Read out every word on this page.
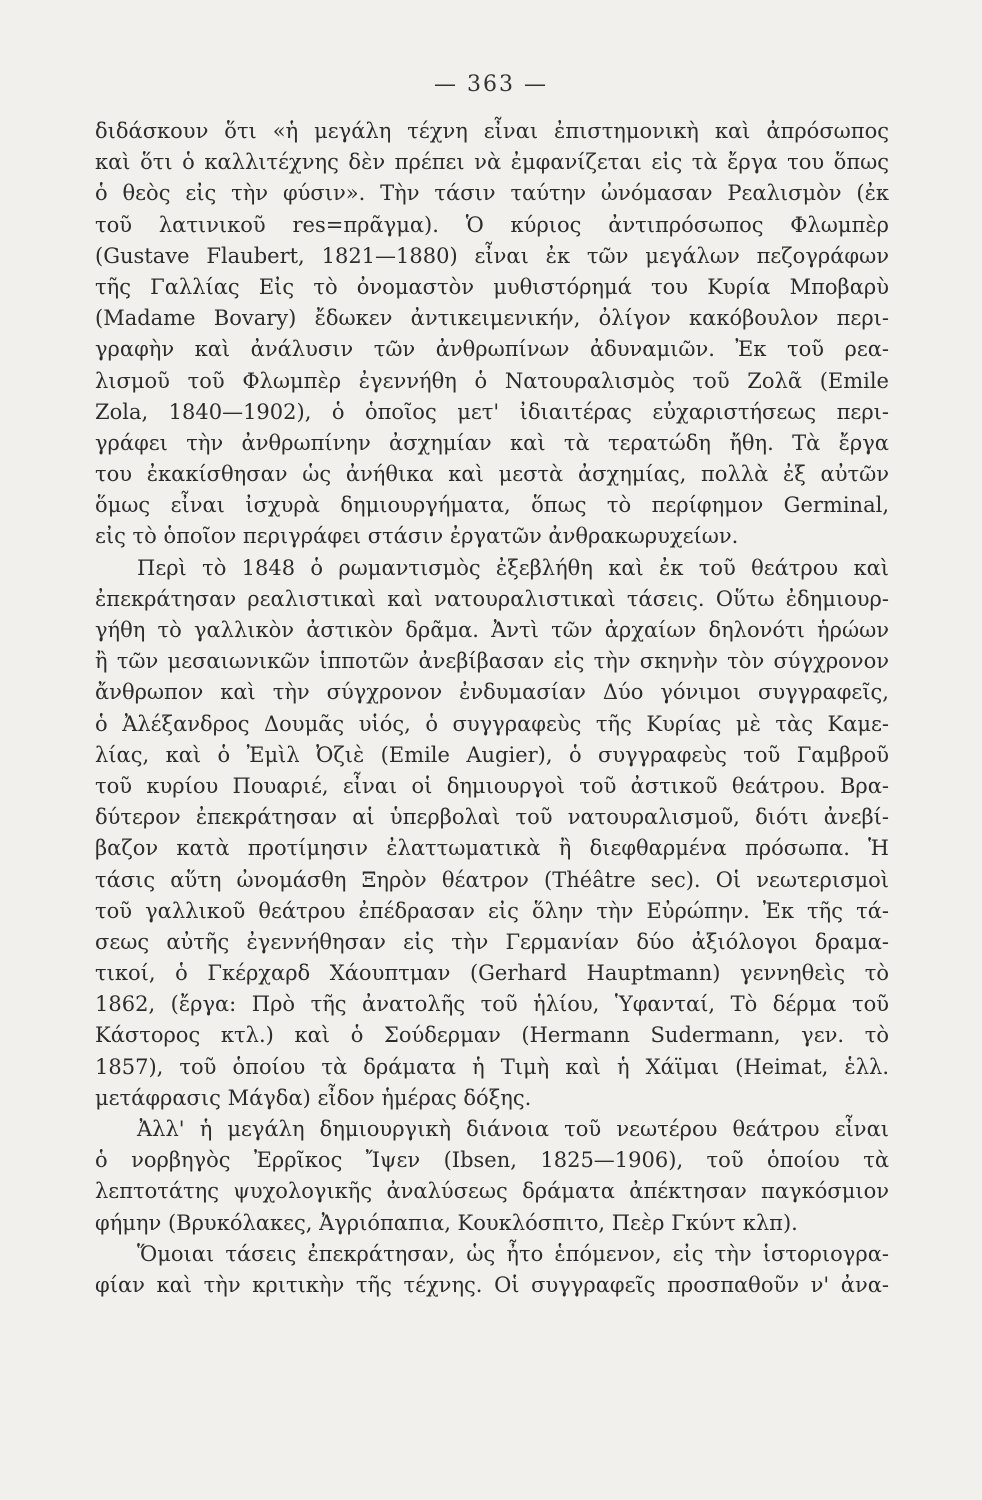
— 363 —
διδάσκουν ὅτι «ἡ μεγάλη τέχνη εἶναι ἐπιστημονικὴ καὶ ἀπρόσωπος
καὶ ὅτι ὁ καλλιτέχνης δὲν πρέπει νὰ ἐμφανίζεται εἰς τὰ ἔργα του ὅπως
ὁ θεὸς εἰς τὴν φύσιν». Τὴν τάσιν ταύτην ὠνόμασαν Ρεαλισμὸν (ἐκ
τοῦ λατινικοῦ res=πρᾶγμα). Ὁ κύριος ἀντιπρόσωπος Φλωμπὲρ
(Gustave Flaubert, 1821—1880) εἶναι ἐκ τῶν μεγάλων πεζογράφων
τῆς Γαλλίας Εἰς τὸ ὀνομαστὸν μυθιστόρημά του Κυρία Μποβαρὺ
(Madame Bovary) ἔδωκεν ἀντικειμενικήν, ὀλίγον κακόβουλον περι-
γραφὴν καὶ ἀνάλυσιν τῶν ἀνθρωπίνων ἀδυναμιῶν. Ἐκ τοῦ ρεα-
λισμοῦ τοῦ Φλωμπὲρ ἐγεννήθη ὁ Νατουραλισμὸς τοῦ Ζολᾶ (Emile
Zola, 1840—1902), ὁ ὁποῖος μετ' ἰδιαιτέρας εὐχαριστήσεως περι-
γράφει τὴν ἀνθρωπίνην ἀσχημίαν καὶ τὰ τερατώδη ἤθη. Τὰ ἔργα
του ἐκακίσθησαν ὡς ἀνήθικα καὶ μεστὰ ἀσχημίας, πολλὰ ἐξ αὐτῶν
ὅμως εἶναι ἰσχυρὰ δημιουργήματα, ὅπως τὸ περίφημον Germinal,
εἰς τὸ ὁποῖον περιγράφει στάσιν ἐργατῶν ἀνθρακωρυχείων.
Περὶ τὸ 1848 ὁ ρωμαντισμὸς ἐξεβλήθη καὶ ἐκ τοῦ θεάτρου καὶ
ἐπεκράτησαν ρεαλιστικαὶ καὶ νατουραλιστικαὶ τάσεις. Οὕτω ἐδημιουρ-
γήθη τὸ γαλλικὸν ἀστικὸν δρᾶμα. Ἀντὶ τῶν ἀρχαίων δηλονότι ἡρώων
ἢ τῶν μεσαιωνικῶν ἱπποτῶν ἀνεβίβασαν εἰς τὴν σκηνὴν τὸν σύγχρονον
ἄνθρωπον καὶ τὴν σύγχρονον ἐνδυμασίαν Δύο γόνιμοι συγγραφεῖς,
ὁ Ἀλέξανδρος Δουμᾶς υἱός, ὁ συγγραφεὺς τῆς Κυρίας μὲ τὰς Καμε-
λίας, καὶ ὁ Ἐμὶλ Ὀζιὲ (Emile Augier), ὁ συγγραφεὺς τοῦ Γαμβροῦ
τοῦ κυρίου Πουαριέ, εἶναι οἱ δημιουργοὶ τοῦ ἀστικοῦ θεάτρου. Βρα-
δύτερον ἐπεκράτησαν αἱ ὑπερβολαὶ τοῦ νατουραλισμοῦ, διότι ἀνεβί-
βαζον κατὰ προτίμησιν ἐλαττωματικὰ ἢ διεφθαρμένα πρόσωπα. Ἡ
τάσις αὕτη ὠνομάσθη Ξηρὸν θέατρον (Théâtre sec). Οἱ νεωτερισμοὶ
τοῦ γαλλικοῦ θεάτρου ἐπέδρασαν εἰς ὅλην τὴν Εὐρώπην. Ἐκ τῆς τά-
σεως αὐτῆς ἐγεννήθησαν εἰς τὴν Γερμανίαν δύο ἀξιόλογοι δραμα-
τικοί, ὁ Γκέρχαρδ Χάουπτμαν (Gerhard Hauptmann) γεννηθεὶς τὸ
1862, (ἔργα: Πρὸ τῆς ἀνατολῆς τοῦ ἡλίου, Ὑφανταί, Τὸ δέρμα τοῦ
Κάστορος κτλ.) καὶ ὁ Σούδερμαν (Hermann Sudermann, γεν. τὸ
1857), τοῦ ὁποίου τὰ δράματα ἡ Τιμὴ καὶ ἡ Χάϊμαι (Heimat, ἑλλ.
μετάφρασις Μάγδα) εἶδον ἡμέρας δόξης.
Ἀλλ' ἡ μεγάλη δημιουργικὴ διάνοια τοῦ νεωτέρου θεάτρου εἶναι
ὁ νορβηγὸς Ἐρρῖκος Ἴψεν (Ibsen, 1825—1906), τοῦ ὁποίου τὰ
λεπτοτάτης ψυχολογικῆς ἀναλύσεως δράματα ἀπέκτησαν παγκόσμιον
φήμην (Βρυκόλακες, Ἀγριόπαπια, Κουκλόσπιτο, Πεὲρ Γκύντ κλπ).
Ὅμοιαι τάσεις ἐπεκράτησαν, ὡς ἦτο ἑπόμενον, εἰς τὴν ἱστοριογρα-
φίαν καὶ τὴν κριτικὴν τῆς τέχνης. Οἱ συγγραφεῖς προσπαθοῦν ν' ἀνα-
